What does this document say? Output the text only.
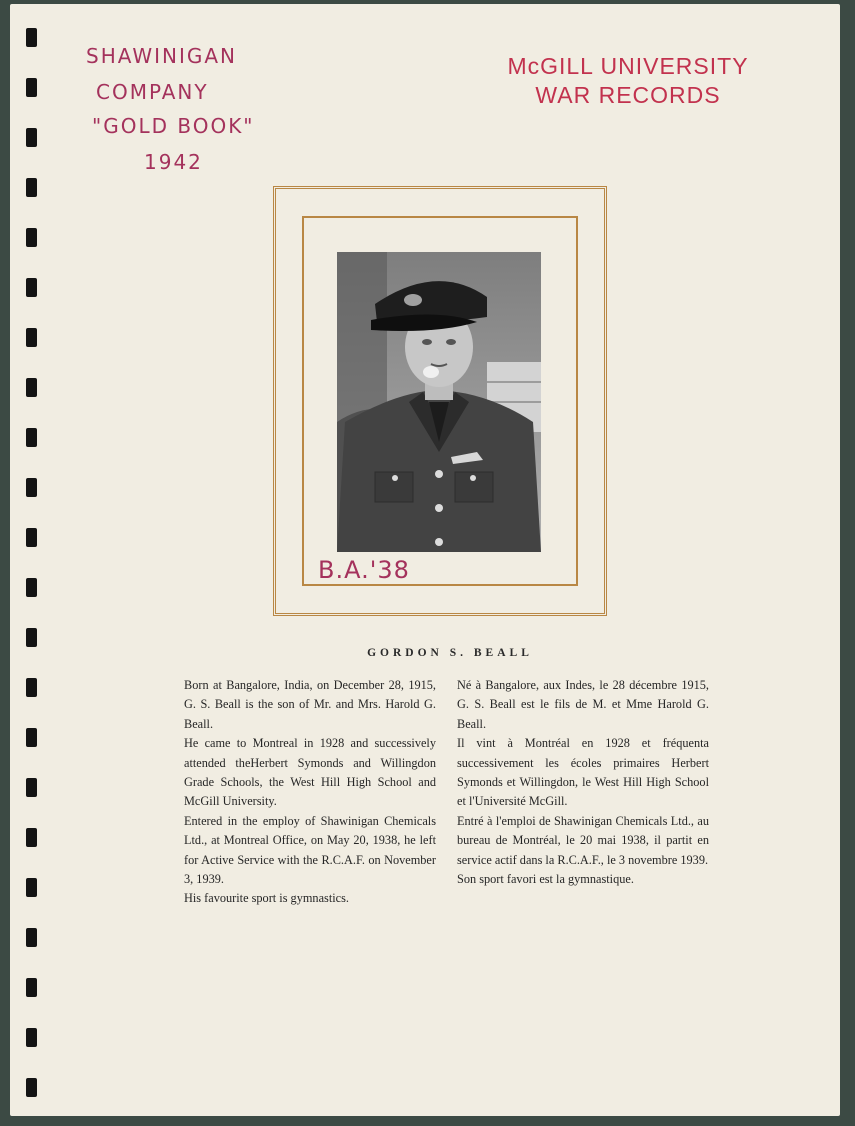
SHAWINIGAN
COMPANY
"GOLD BOOK"
1942
McGILL UNIVERSITY
WAR RECORDS
B.A.'38
GORDON S. BEALL

Born at Bangalore, India, on December 28, 1915, G. S. Beall is the son of Mr. and Mrs. Harold G. Beall.

He came to Montreal in 1928 and successively attended theHerbert Symonds and Willingdon Grade Schools, the West Hill High School and McGill University.

Entered in the employ of Shawinigan Chemicals Ltd., at Montreal Office, on May 20, 1938, he left for Active Service with the R.C.A.F. on November 3, 1939.

His favourite sport is gymnastics.

Né à Bangalore, aux Indes, le 28 décembre 1915, G. S. Beall est le fils de M. et Mme Harold G. Beall.

Il vint à Montréal en 1928 et fréquenta successivement les écoles primaires Herbert Symonds et Willingdon, le West Hill High School et l'Université McGill.

Entré à l'emploi de Shawinigan Chemicals Ltd., au bureau de Montréal, le 20 mai 1938, il partit en service actif dans la R.C.A.F., le 3 novembre 1939.

Son sport favori est la gymnastique.
